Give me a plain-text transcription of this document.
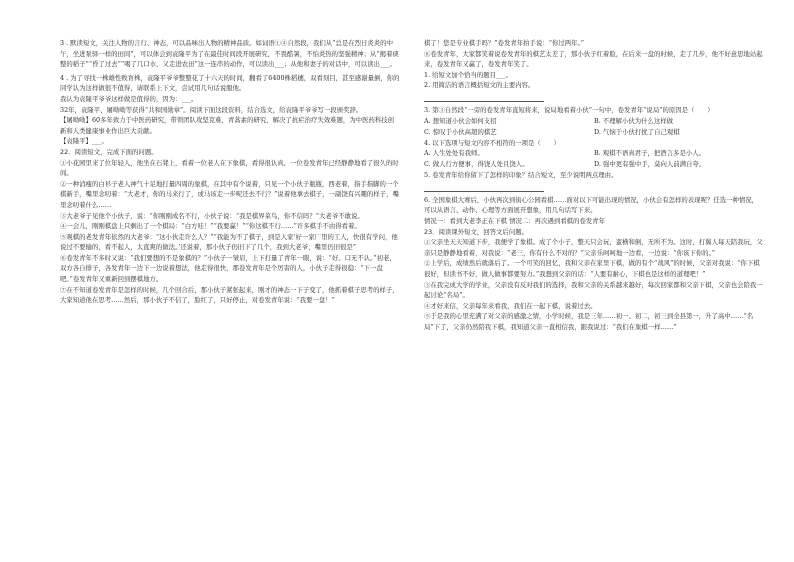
3 . 默读短文，关注人物的言行、神态，可以品味出人物的精神品质。如词语①④自然段，我们从“总是在烈日炎炎的中午，坐进泵驿一样的田间”，可以体会到袁隆平为了在最佳时间段开展研究，不畏酷暑，不怕炎热的坚强精神；从“揭着痰整的稻子”“昏了过去”“喝了几口水，又走进农田”这一连串的动作，可以读出___；从他和妻子的对话中，可以读出___。

4 . 为了寻找一株雄性败育株，袁隆平爷爷整整花了十六天的时间，翻看了6400株稻穗，双看刻目，甚至感谢量倒，你的同学认为这样做很不值得，请联系上下文，尝试用几句话说服他。

我认为袁隆平爷爷这样做是值得的，因为：___。

32年，袁隆平、屠呦呦等获得“共和国勋章”。阅读下面这段资料，结合选文，给袁隆平爷爷写一段颁奖辞。

【屠呦呦】60多年致力于中医药研究，带领团队攻坚克难，青蒿素的研究，解决了抗疟治疗失效难题，为中医药科技创新和人类健康事业作出巨大贡献。

【袁隆平】___。

22．阅读短文，完成下面的问题。

①小花园里来了位年轻人，他坐在石凳上，看着一位老人在下象棋，看得很认真，一位卷发青年已经静静地看了很久的时间。

②一种消瘦的白衫子老人神气十足地打量四周的象棋，在其中有个说着，只见一个小伙子瓶瓶，西老着，指手指脚的一个棋新手，嘴里念叨着：“大老才，你的马来行了，或马该走一步呢还去不行？”说着他拿去棋子，一副饶有兴趣的样子，嘴里念叨着什么……

③大老爷子见他个小伙子，说：“你刚刚成名不行，小伙子说：“我是棋界菜鸟，你不信吗？”大老爷不敢说。

④一会儿，刚刚棋盘上只剩出了一个棋局：“白方哇！”“我要赢！”“你这棋不行……”许多棋手不由得看着。

⑤观棋的老发青年依然的大老爷：“这小伙走许么人？”“我能为不了棋子，到是人家‘好一家厂里的工人，快很有学问，他说过不要输的，看不起人，太直爽的做法。’还说着，那小伙子仍旧下了几个，我到大老爷，嘴里仍旧很是”

⑥卷发青年不多时又说：“我们要想的不是象棋的？”小伙子一皱眉，上下打量了青年一眼，说：“好。口无不认。”初老，双方各自排子，各发青年一边下一边说着想法，他走得很快，那卷发青年是个厉害的人，小伙子走得很稳：“下一盘吧。”卷发青年又重新回到摆棋地方。

⑦在不知道卷发青年是怎样的时候，几个回合后，那小伙子紧张起来，刚才的神态一下子变了，他抓着棋子思考的样子，大家知道他在思考……然后，那小伙子不信了，脸红了，只好停止，对卷发青年说：“我要一盘！”

棋了！您是专业棋手吗？”卷发青年拍手说：“你过两年。”

⑧卷发青年，大家都笑着说卷发青年的棋艺太差了，那小伙子红着脸，在后来一盘的时候，走了几步，他不好意思地站起来，卷发青年又赢了，卷发青年笑了。

1. 给短文加个恰当的题目___。

2. 用简洁的语言概括短文的主要内容。

3. 第③自然段“一旁的卷发青年直短将来，说局地看着小伙”一句中，卷发青年“说局”的原因是（　　）

A. 想知道小伙会如何支招	B. 不理解小伙为什么这样做
C. 惊叹于小伙高超的棋艺	D. 气恼于小伙打扰了自己观棋

4. 以下选项与短文内容不相符的一项是（　　）

A. 人生处处有我师。	B. 观棋不语真君子，把酒言多是小人。
C. 做人行方便事，得饶人处且饶人。	D. 强中更有强中手，莫向人前满自夸。

5. 卷发青年给你留下了怎样的印象？结合短文，至少说明两点理由。

6. 全国象棋大赛后，小伙再次到街心公园看棋……面对以下可能出现的情况，小伙会有怎样的表现呢？任选一种情况，可以从语言、动作、心理等方面展开想象，用几句话写下来。

情况一：看到大老李正在下棋 情况二：再次遇到看棋的卷发青年

23．阅读课外短文，回答文后问题。

①父亲坐天天知道下步，我便学了象棋。成了个小子，整天只会玩，蛮横和倒，无所不为。这时，打翼人每天陪我玩，父亲只是静静地看着，对我说：“老三，你有什么不对的？”父亲乐呵呵地一边看，一边说：“你该下你的。”

②上学后，成绩然后就落后了。一个可笑的回忆，我和父亲在家里下棋，做的有个“战风”的时候，父亲对我说：“你下棋很好，但读书不好，做人做事都要努力。”我想到父亲的话：“人要有耐心，下棋也是这样的道理吧！”

③在我完成大学的学业，父亲没有反对我们的选择，我和父亲的关系越来越好，每次回家都和父亲下棋，父亲也会陪我一起讨论“名局”。

④才好来信，父亲每年来看我，我们在一起下棋，说着过去。

⑤于是我的心里充满了对父亲的感激之情，小学时候，我是三年……初一、初二，初三到全县第一，升了高中……“名局”下了，父亲仍然陪我下棋，我知道父亲一直相信我，跟我说过：“我们在象棋一样……”
